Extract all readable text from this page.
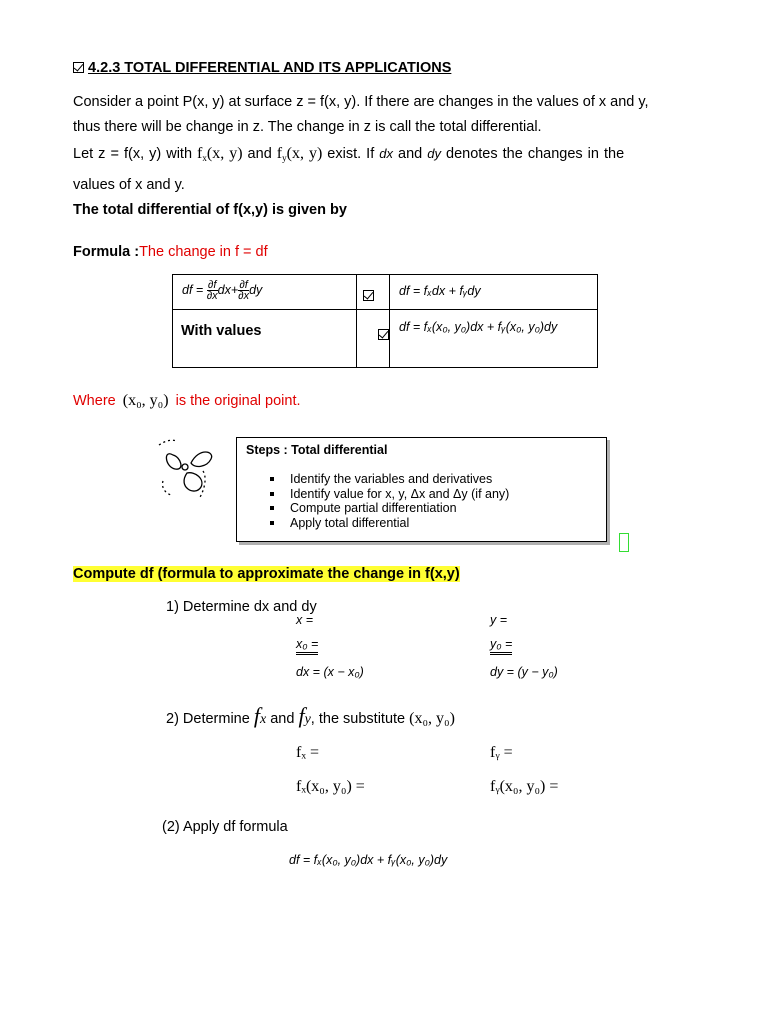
4.2.3 TOTAL DIFFERENTIAL AND ITS APPLICATIONS
Consider a point P(x, y) at surface z = f(x, y). If there are changes in the values of x and y,
thus there will be change in z. The change in z is call the total differential.
Let z = f(x, y) with $f_x(x$, y) and $f_y(x$, y) exist. If dx and dy denotes the changes in the
values of x and y.
The total differential of f(x,y) is given by
Formula :The change in f = df
df = $\frac{\partial f}{\partial x} dx+ \frac{\partial f}{\partial x}$ dy
	df = fₓdx + fᵧdy
With values	df = fₓ(x₀, y₀)dx + fᵧ(x₀, y₀)dy
Where (x₀, y₀) is the original point.
Steps : Total differential
Identify the variables and derivatives
Identify value for x, y, Δx and Δy (if any)
Compute partial differentiation
Apply total differential
Compute df (formula to approximate the change in f(x,y)
1) Determine dx and dy
x =
x₀ =
dx = (x − x₀)
y =
y₀ =
dy = (y − y₀)
2) Determine fx and fy, the substitute (x₀, y₀)
fₓ =
fₓ(x₀, y₀) =
fᵧ =
fᵧ(x₀, y₀) =
(2) Apply df formula
df = fₓ(x₀, y₀)dx + fᵧ(x₀, y₀)dy
